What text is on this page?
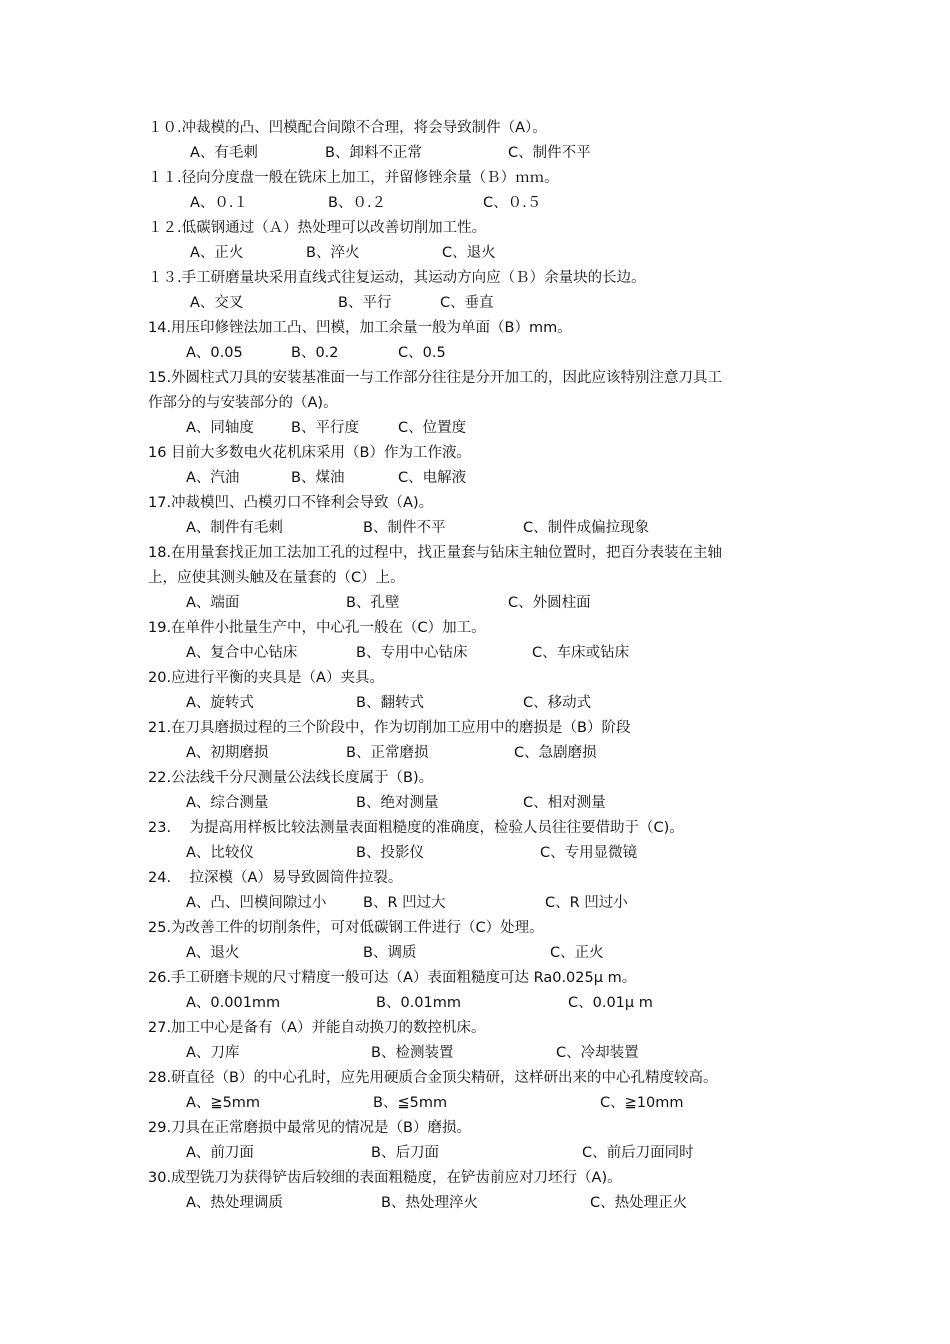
１０.冲裁模的凸、凹模配合间隙不合理，将会导致制件（A）。
A、有毛刺	B、卸料不正常	C、制件不平
１１.径向分度盘一般在铣床上加工，并留修锉余量（Ｂ）ｍｍ。
A、０.１	B、０.２	C、０.５
１２.低碳钢通过（Ａ）热处理可以改善切削加工性。
A、正火	B、淬火	C、退火
１３.手工研磨量块采用直线式往复运动，其运动方向应（Ｂ）余量块的长边。
A、交叉	B、平行	C、垂直
14.用压印修锉法加工凸、凹模，加工余量一般为单面（B）mm。
A、0.05	B、0.2	C、0.5
15.外圆柱式刀具的安装基准面一与工作部分往往是分开加工的，因此应该特别注意刀具工
作部分的与安装部分的（A)。
A、同轴度	B、平行度	C、位置度
16 目前大多数电火花机床采用（B）作为工作液。
A、汽油	B、煤油	C、电解液
17.冲裁模凹、凸模刃口不锋利会导致（A)。
A、制件有毛刺	B、制件不平	C、制件成偏拉现象
18.在用量套找正加工法加工孔的过程中，找正量套与钻床主轴位置时，把百分表装在主轴
上，应使其测头触及在量套的（C）上。
A、端面	B、孔壁	C、外圆柱面
19.在单件小批量生产中，中心孔一般在（C）加工。
A、复合中心钻床	B、专用中心钻床	C、车床或钻床
20.应进行平衡的夹具是（A）夹具。
A、旋转式	B、翻转式	C、移动式
21.在刀具磨损过程的三个阶段中，作为切削加工应用中的磨损是（B）阶段
A、初期磨损	B、正常磨损	C、急剧磨损
22.公法线千分尺测量公法线长度属于（B)。
A、综合测量	B、绝对测量	C、相对测量
23.    为提高用样板比较法测量表面粗糙度的准确度，检验人员往往要借助于（C)。
A、比较仪	B、投影仪	C、专用显微镜
24.    拉深模（A）易导致圆筒件拉裂。
A、凸、凹模间隙过小	B、R 凹过大	C、R 凹过小
25.为改善工件的切削条件，可对低碳钢工件进行（C）处理。
A、退火	B、调质	C、正火
26.手工研磨卡规的尺寸精度一般可达（A）表面粗糙度可达 Ra0.025μ m。
A、0.001mm	B、0.01mm	C、0.01μ m
27.加工中心是备有（A）并能自动换刀的数控机床。
A、刀库	B、检测装置	C、冷却装置
28.研直径（B）的中心孔时，应先用硬质合金顶尖精研，这样研出来的中心孔精度较高。
A、≧5mm	B、≦5mm	C、≧10mm
29.刀具在正常磨损中最常见的情况是（B）磨损。
A、前刀面	B、后刀面	C、前后刀面同时
30.成型铣刀为获得铲齿后较细的表面粗糙度，在铲齿前应对刀坯行（A)。
A、热处理调质	B、热处理淬火	C、热处理正火
